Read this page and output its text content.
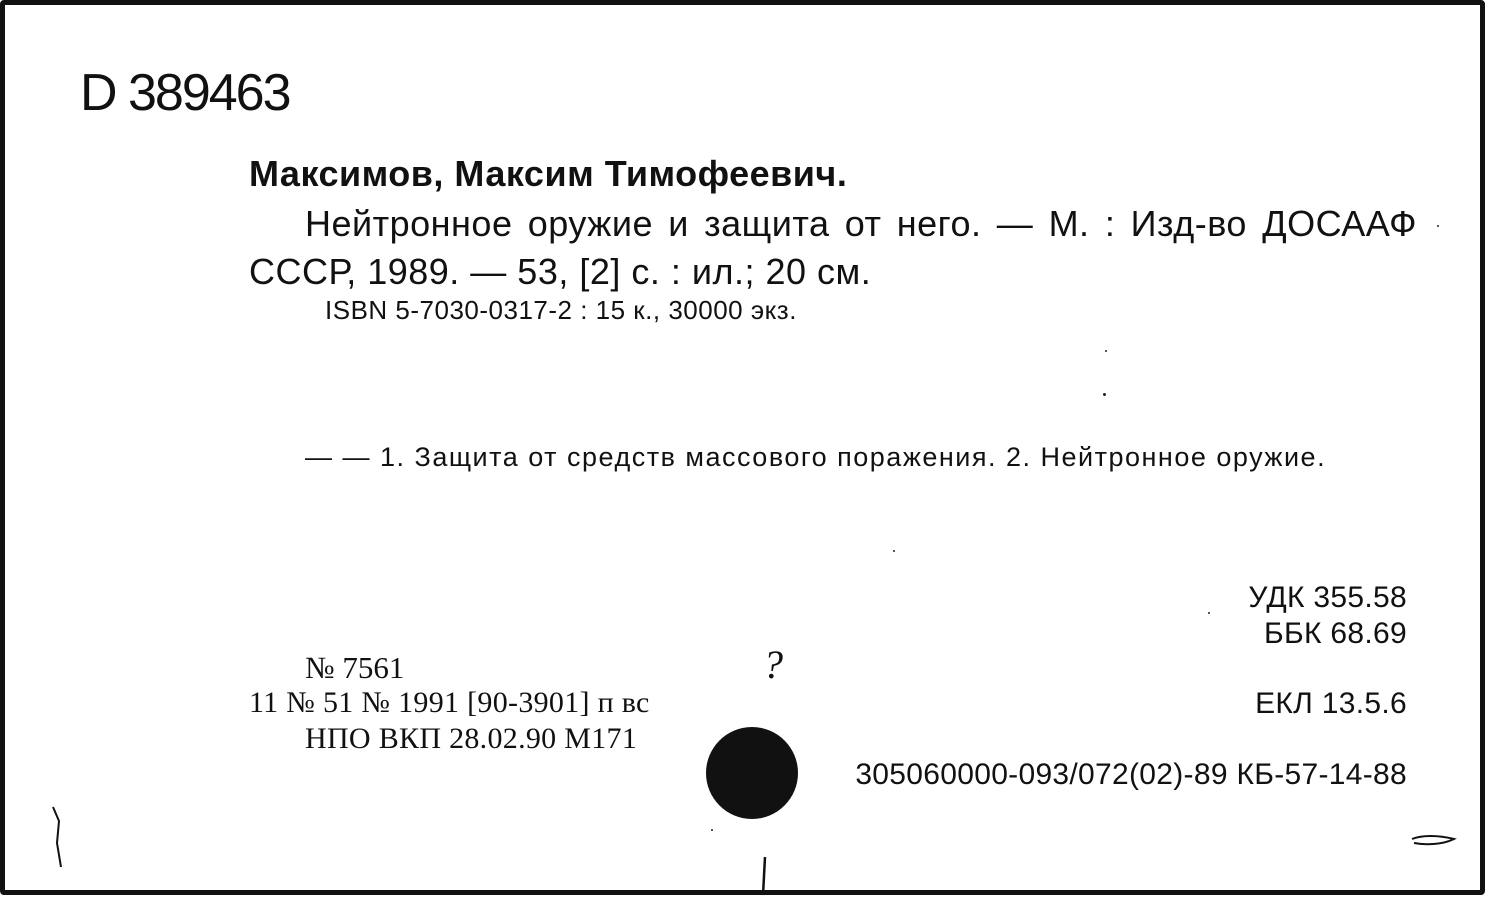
D 389463
Максимов, Максим Тимофеевич.
Нейтронное оружие и защита от него. — М. : Изд-во ДОСААФ СССР, 1989. — 53, [2] с. : ил.; 20 см.
ISBN 5-7030-0317-2 : 15 к., 30000 экз.
— — 1. Защита от средств массового поражения. 2. Нейтронное оружие.
УДК 355.58
ББК 68.69
№ 7561	?
11 № 51 № 1991 [90-3901] п вс	ЕКЛ 13.5.6
НПО ВКП 28.02.90 М171
305060000-093/072(02)-89 КБ-57-14-88
